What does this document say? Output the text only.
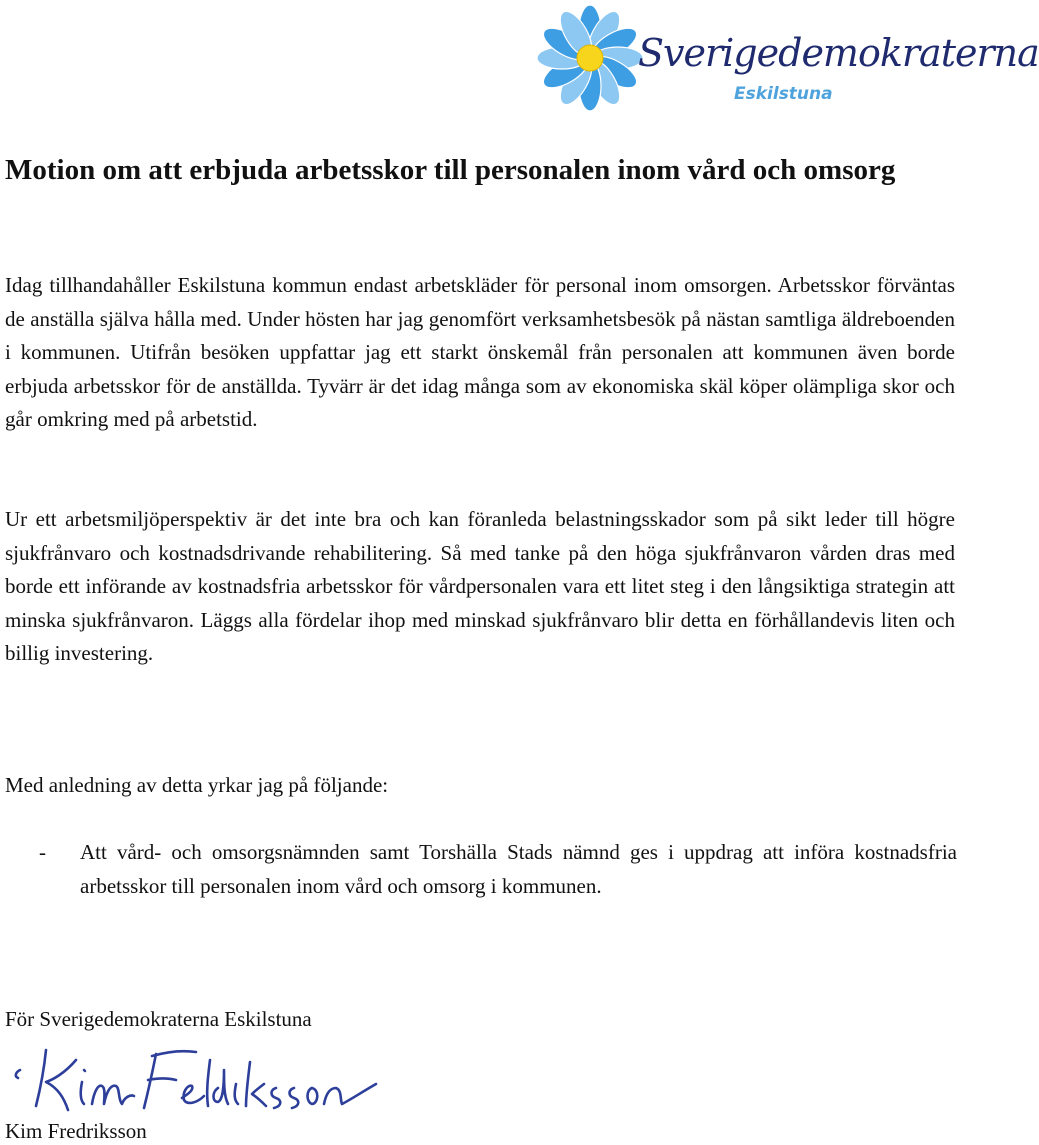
Sverigedemokraterna
Eskilstuna
Motion om att erbjuda arbetsskor till personalen inom vård och omsorg

Idag tillhandahåller Eskilstuna kommun endast arbetskläder för personal inom omsorgen. Arbetsskor förväntas de anställa själva hålla med. Under hösten har jag genomfört verksamhetsbesök på nästan samtliga äldreboenden i kommunen. Utifrån besöken uppfattar jag ett starkt önskemål från personalen att kommunen även borde erbjuda arbetsskor för de anställda. Tyvärr är det idag många som av ekonomiska skäl köper olämpliga skor och går omkring med på arbetstid.

Ur ett arbetsmiljöperspektiv är det inte bra och kan föranleda belastningsskador som på sikt leder till högre sjukfrånvaro och kostnadsdrivande rehabilitering. Så med tanke på den höga sjukfrånvaron vården dras med borde ett införande av kostnadsfria arbetsskor för vårdpersonalen vara ett litet steg i den långsiktiga strategin att minska sjukfrånvaron. Läggs alla fördelar ihop med minskad sjukfrånvaro blir detta en förhållandevis liten och billig investering.

Med anledning av detta yrkar jag på följande:

-	Att vård- och omsorgsnämnden samt Torshälla Stads nämnd ges i uppdrag att införa kostnadsfria arbetsskor till personalen inom vård och omsorg i kommunen.

För Sverigedemokraterna Eskilstuna

Kim Fredriksson

Kim Fredriksson
